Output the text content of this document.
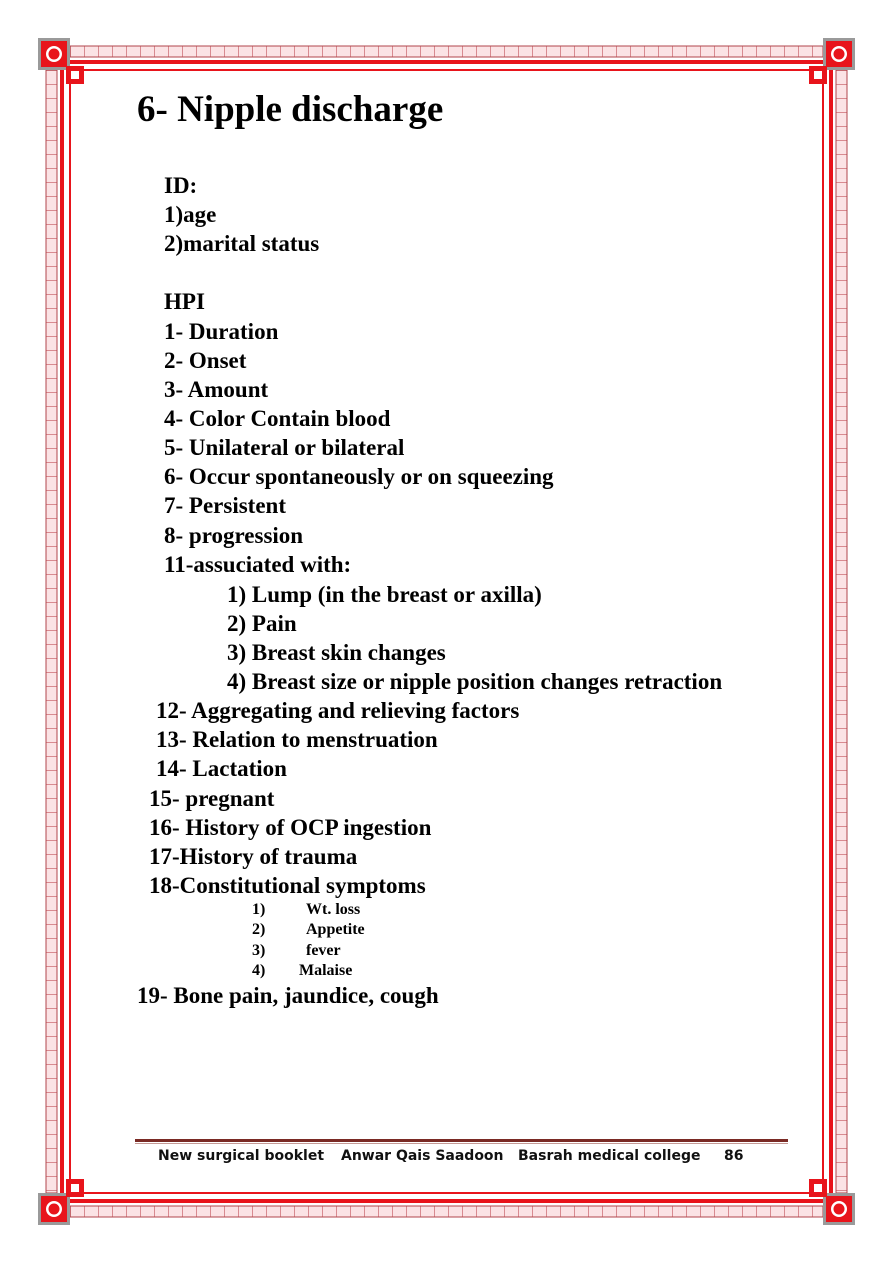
6- Nipple discharge
ID:
1)age
2)marital status
HPI
1- Duration
2- Onset
3- Amount
4- Color Contain blood
5- Unilateral or bilateral
6- Occur spontaneously or on squeezing
7- Persistent
8- progression
11-assuciated with:
1) Lump (in the breast or axilla)
2) Pain
3) Breast skin changes
4) Breast size or nipple position changes retraction
12- Aggregating and relieving factors
13- Relation to menstruation
14- Lactation
15- pregnant
16- History of OCP ingestion
17-History of trauma
18-Constitutional symptoms
1)	Wt. loss
2)	Appetite
3)	fever
4) Malaise
19- Bone pain, jaundice, cough
New surgical booklet Anwar Qais Saadoon Basrah medical college 86
